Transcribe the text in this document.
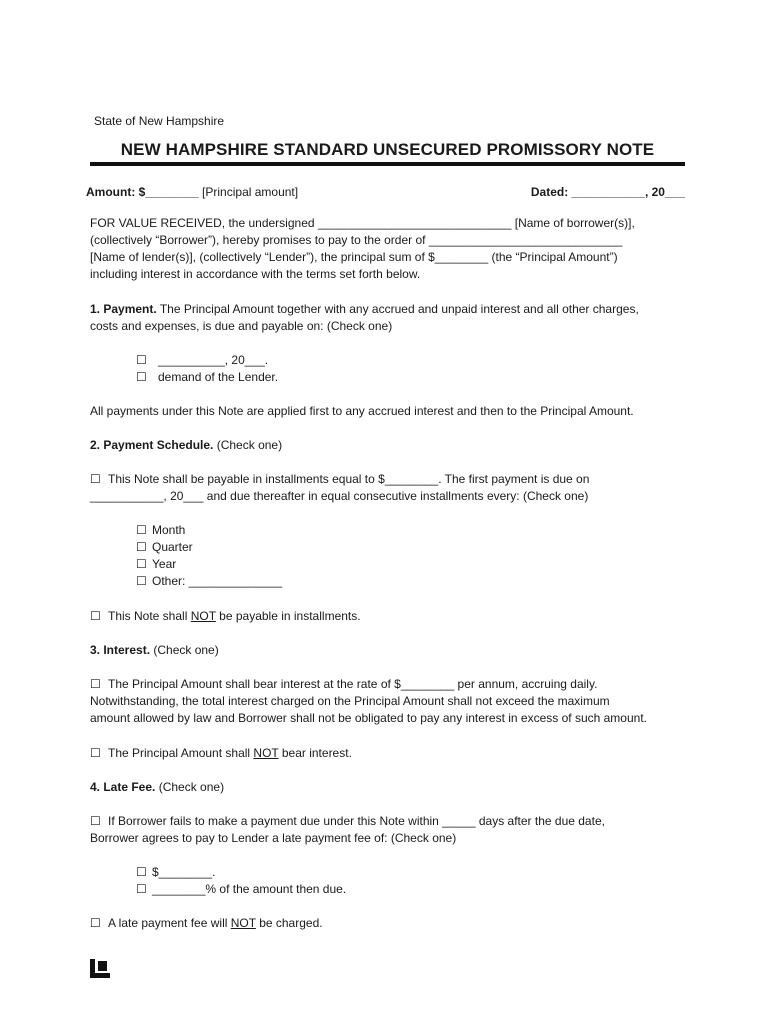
State of New Hampshire
NEW HAMPSHIRE STANDARD UNSECURED PROMISSORY NOTE
Amount: $________ [Principal amount]	Dated: ___________, 20___

FOR VALUE RECEIVED, the undersigned _____________________________ [Name of borrower(s)],

(collectively “Borrower”), hereby promises to pay to the order of _____________________________

[Name of lender(s)], (collectively “Lender”), the principal sum of $________ (the “Principal Amount”)

including interest in accordance with the terms set forth below.

1. Payment. The Principal Amount together with any accrued and unpaid interest and all other charges,

costs and expenses, is due and payable on: (Check one)

☐ __________, 20___.
☐ demand of the Lender.

All payments under this Note are applied first to any accrued interest and then to the Principal Amount.

2. Payment Schedule. (Check one)

☐ This Note shall be payable in installments equal to $________. The first payment is due on

___________, 20___ and due thereafter in equal consecutive installments every: (Check one)

☐ Month
☐ Quarter
☐ Year
☐ Other: ______________

☐ This Note shall NOT be payable in installments.

3. Interest. (Check one)

☐ The Principal Amount shall bear interest at the rate of $________ per annum, accruing daily.

Notwithstanding, the total interest charged on the Principal Amount shall not exceed the maximum

amount allowed by law and Borrower shall not be obligated to pay any interest in excess of such amount.

☐ The Principal Amount shall NOT bear interest.

4. Late Fee. (Check one)

☐ If Borrower fails to make a payment due under this Note within _____ days after the due date,

Borrower agrees to pay to Lender a late payment fee of: (Check one)

☐ $________.
☐ ________% of the amount then due.

☐ A late payment fee will NOT be charged.
